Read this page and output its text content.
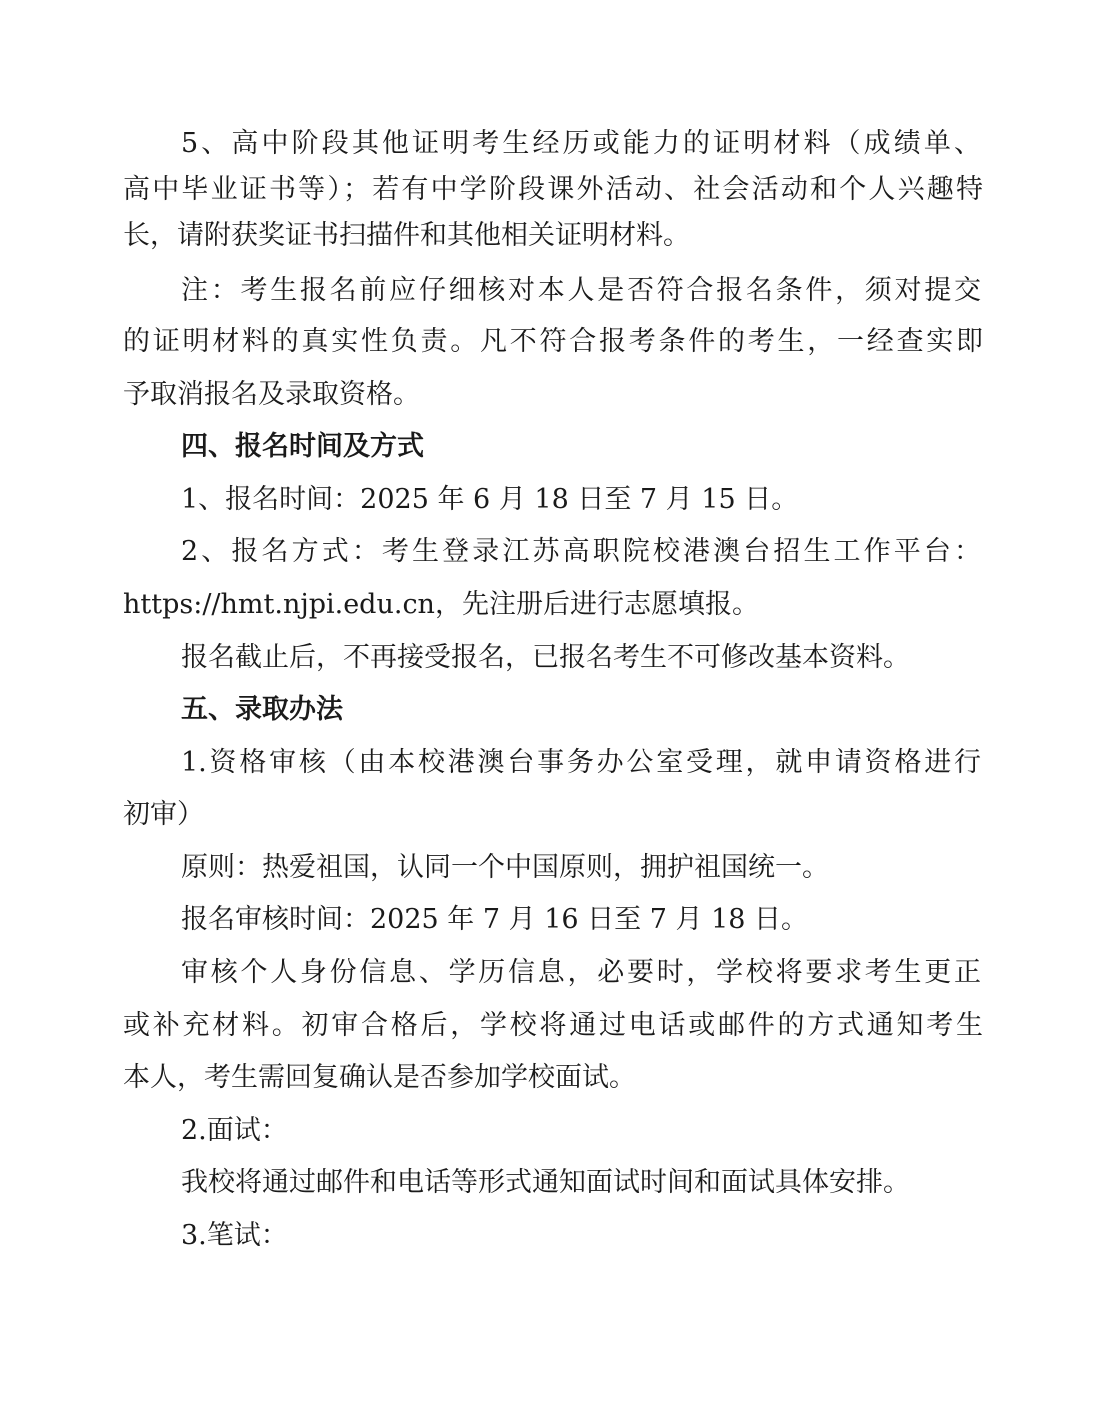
5、高中阶段其他证明考生经历或能力的证明材料（成绩单、
高中毕业证书等）；若有中学阶段课外活动、社会活动和个人兴趣特
长，请附获奖证书扫描件和其他相关证明材料。
注：考生报名前应仔细核对本人是否符合报名条件，须对提交
的证明材料的真实性负责。凡不符合报考条件的考生，一经查实即
予取消报名及录取资格。
四、报名时间及方式
1、报名时间：2025 年 6 月 18 日至 7 月 15 日。
2、报名方式：考生登录江苏高职院校港澳台招生工作平台：
https://hmt.njpi.edu.cn，先注册后进行志愿填报。
报名截止后，不再接受报名，已报名考生不可修改基本资料。
五、录取办法
1.资格审核（由本校港澳台事务办公室受理，就申请资格进行
初审）
原则：热爱祖国，认同一个中国原则，拥护祖国统一。
报名审核时间：2025 年 7 月 16 日至 7 月 18 日。
审核个人身份信息、学历信息，必要时，学校将要求考生更正
或补充材料。初审合格后，学校将通过电话或邮件的方式通知考生
本人，考生需回复确认是否参加学校面试。
2.面试：
我校将通过邮件和电话等形式通知面试时间和面试具体安排。
3.笔试：
